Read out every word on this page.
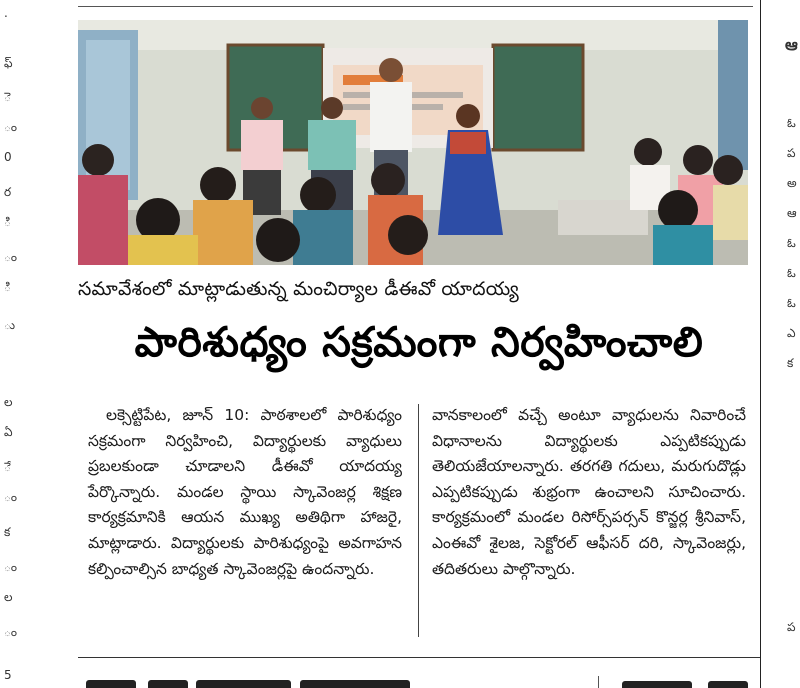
.
ఫ్
ె
ం
0
ర
ి
ం
ి
ు
ల
ఏ
ే
ం
క
ం
ల
ం
5
సమావేశంలో మాట్లాడుతున్న మంచిర్యాల డీఈవో యాదయ్య
పారిశుధ్యం సక్రమంగా నిర్వహించాలి
లక్సెట్టిపేట, జూన్ 10: పాఠశాలలో పారిశుధ్యం సక్రమంగా నిర్వహించి, విద్యార్థులకు వ్యాధులు ప్రబలకుండా చూడాలని డీఈవో యాదయ్య పేర్కొన్నారు. మండల స్థాయి స్కావెంజర్ల శిక్షణ కార్యక్రమానికి ఆయన ముఖ్య అతిథిగా హాజరై, మాట్లాడారు. విద్యార్థులకు పారిశుధ్యంపై అవగాహన కల్పించాల్సిన బాధ్యత స్కావెంజర్లపై ఉందన్నారు.
వానకాలంలో వచ్చే అంటూ వ్యాధులను నివారించే విధానాలను విద్యార్థులకు ఎప్పటికప్పుడు తెలియజేయాలన్నారు. తరగతి గదులు, మరుగుదొడ్లు ఎప్పటికప్పుడు శుభ్రంగా ఉంచాలని సూచించారు. కార్యక్రమంలో మండల రిసోర్స్‌పర్సన్ కొన్జర్ల శ్రీనివాస్, ఎంఈవో శైలజ, సెక్టోరల్ ఆఫీసర్ దరి, స్కావెంజర్లు, తదితరులు పాల్గొన్నారు.
ఆ
ఓ
ప
అ
ఆ
ఓ
ఓ
ఓ
ఎ
క
ప
